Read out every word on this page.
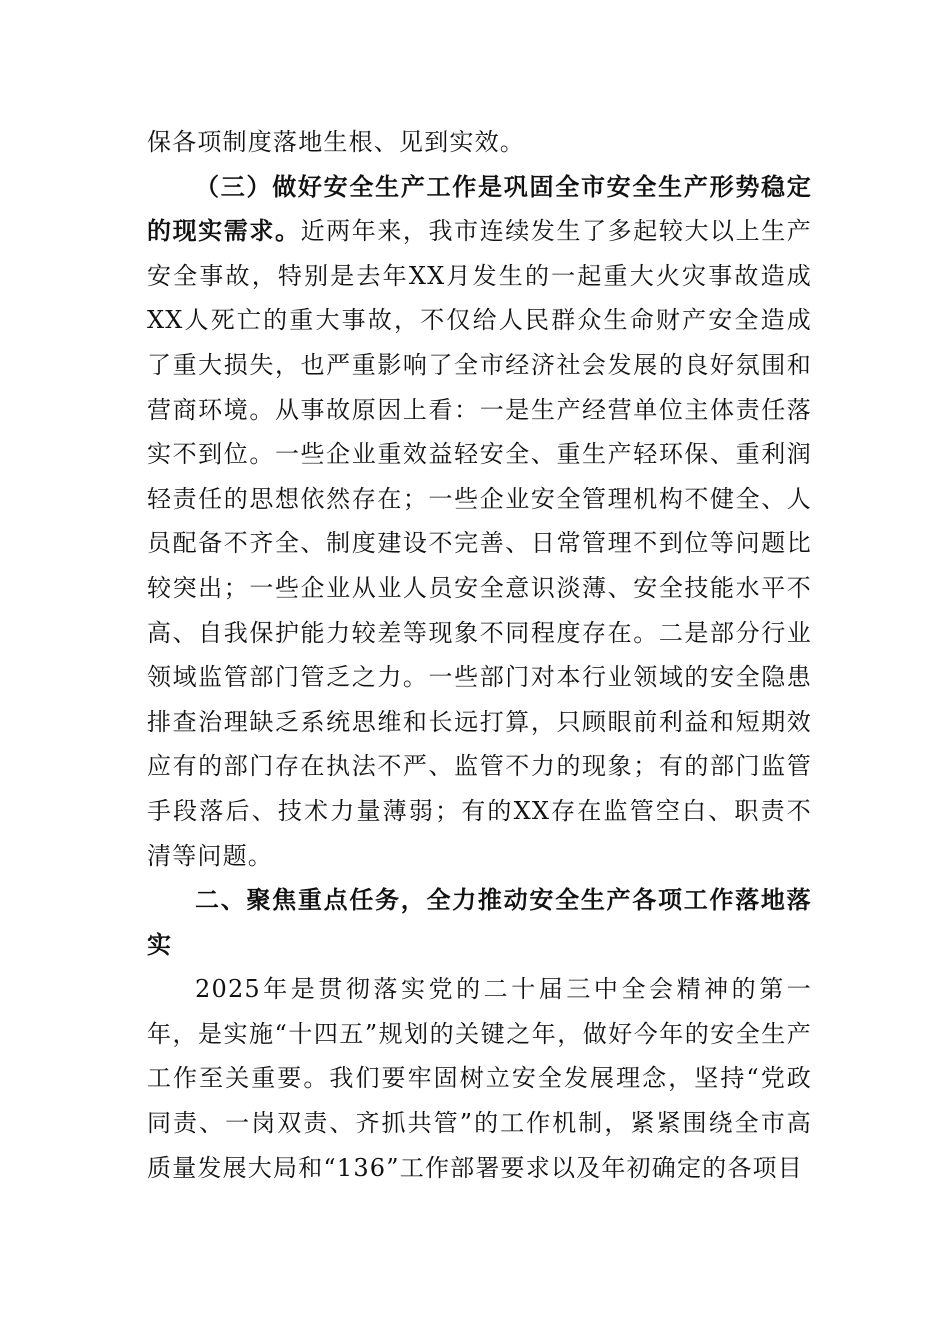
保各项制度落地生根、见到实效。

（三）做好安全生产工作是巩固全市安全生产形势稳定的现实需求。近两年来，我市连续发生了多起较大以上生产安全事故，特别是去年XX月发生的一起重大火灾事故造成XX人死亡的重大事故，不仅给人民群众生命财产安全造成了重大损失，也严重影响了全市经济社会发展的良好氛围和营商环境。从事故原因上看：一是生产经营单位主体责任落实不到位。一些企业重效益轻安全、重生产轻环保、重利润轻责任的思想依然存在；一些企业安全管理机构不健全、人员配备不齐全、制度建设不完善、日常管理不到位等问题比较突出；一些企业从业人员安全意识淡薄、安全技能水平不高、自我保护能力较差等现象不同程度存在。二是部分行业领域监管部门管乏之力。一些部门对本行业领域的安全隐患排查治理缺乏系统思维和长远打算，只顾眼前利益和短期效应有的部门存在执法不严、监管不力的现象；有的部门监管手段落后、技术力量薄弱；有的XX存在监管空白、职责不清等问题。

二、聚焦重点任务，全力推动安全生产各项工作落地落实

2025年是贯彻落实党的二十届三中全会精神的第一年，是实施“十四五”规划的关键之年，做好今年的安全生产工作至关重要。我们要牢固树立安全发展理念，坚持“党政同责、一岗双责、齐抓共管”的工作机制，紧紧围绕全市高质量发展大局和“136”工作部署要求以及年初确定的各项目
